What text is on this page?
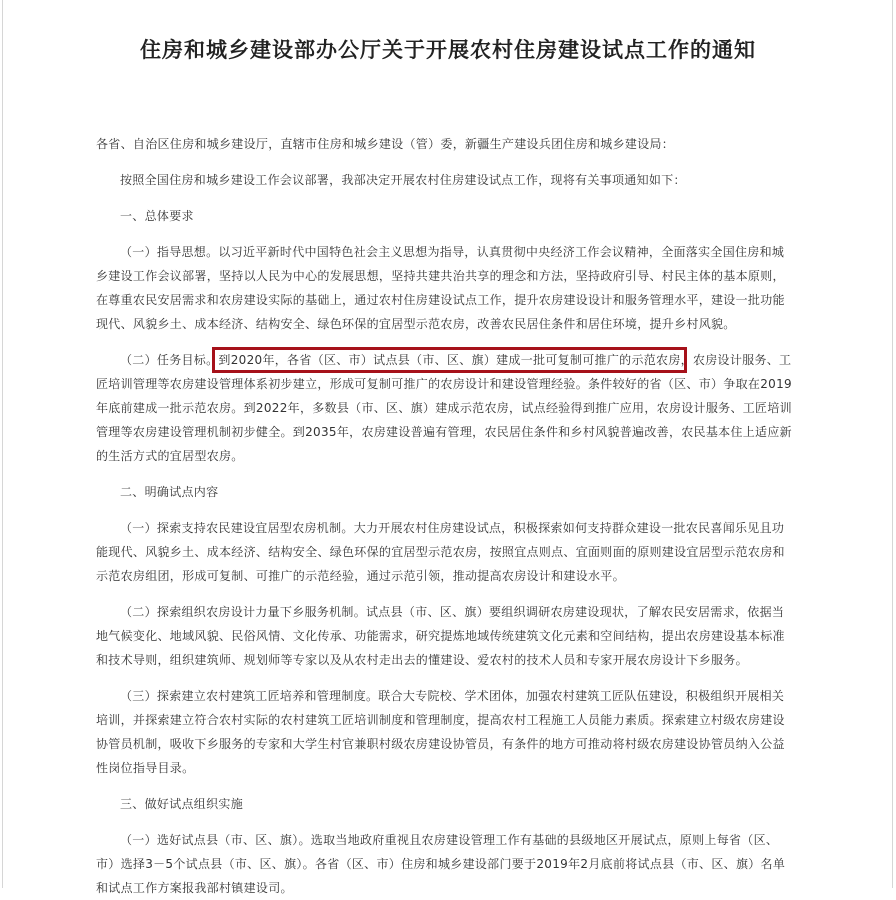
住房和城乡建设部办公厅关于开展农村住房建设试点工作的通知

各省、自治区住房和城乡建设厅，直辖市住房和城乡建设（管）委，新疆生产建设兵团住房和城乡建设局：

按照全国住房和城乡建设工作会议部署，我部决定开展农村住房建设试点工作，现将有关事项通知如下：

一、总体要求

（一）指导思想。以习近平新时代中国特色社会主义思想为指导，认真贯彻中央经济工作会议精神，全面落实全国住房和城乡建设工作会议部署，坚持以人民为中心的发展思想，坚持共建共治共享的理念和方法，坚持政府引导、村民主体的基本原则，在尊重农民安居需求和农房建设实际的基础上，通过农村住房建设试点工作，提升农房建设设计和服务管理水平，建设一批功能现代、风貌乡土、成本经济、结构安全、绿色环保的宜居型示范农房，改善农民居住条件和居住环境，提升乡村风貌。

（二）任务目标。到2020年，各省（区、市）试点县（市、区、旗）建成一批可复制可推广的示范农房，农房设计服务、工匠培训管理等农房建设管理体系初步建立，形成可复制可推广的农房设计和建设管理经验。条件较好的省（区、市）争取在2019年底前建成一批示范农房。到2022年，多数县（市、区、旗）建成示范农房，试点经验得到推广应用，农房设计服务、工匠培训管理等农房建设管理机制初步健全。到2035年，农房建设普遍有管理，农民居住条件和乡村风貌普遍改善，农民基本住上适应新的生活方式的宜居型农房。

二、明确试点内容

（一）探索支持农民建设宜居型农房机制。大力开展农村住房建设试点，积极探索如何支持群众建设一批农民喜闻乐见且功能现代、风貌乡土、成本经济、结构安全、绿色环保的宜居型示范农房，按照宜点则点、宜面则面的原则建设宜居型示范农房和示范农房组团，形成可复制、可推广的示范经验，通过示范引领，推动提高农房设计和建设水平。

（二）探索组织农房设计力量下乡服务机制。试点县（市、区、旗）要组织调研农房建设现状，了解农民安居需求，依据当地气候变化、地域风貌、民俗风情、文化传承、功能需求，研究提炼地域传统建筑文化元素和空间结构，提出农房建设基本标准和技术导则，组织建筑师、规划师等专家以及从农村走出去的懂建设、爱农村的技术人员和专家开展农房设计下乡服务。

（三）探索建立农村建筑工匠培养和管理制度。联合大专院校、学术团体，加强农村建筑工匠队伍建设，积极组织开展相关培训，并探索建立符合农村实际的农村建筑工匠培训制度和管理制度，提高农村工程施工人员能力素质。探索建立村级农房建设协管员机制，吸收下乡服务的专家和大学生村官兼职村级农房建设协管员，有条件的地方可推动将村级农房建设协管员纳入公益性岗位指导目录。

三、做好试点组织实施

（一）选好试点县（市、区、旗）。选取当地政府重视且农房建设管理工作有基础的县级地区开展试点，原则上每省（区、市）选择3－5个试点县（市、区、旗）。各省（区、市）住房和城乡建设部门要于2019年2月底前将试点县（市、区、旗）名单和试点工作方案报我部村镇建设司。
